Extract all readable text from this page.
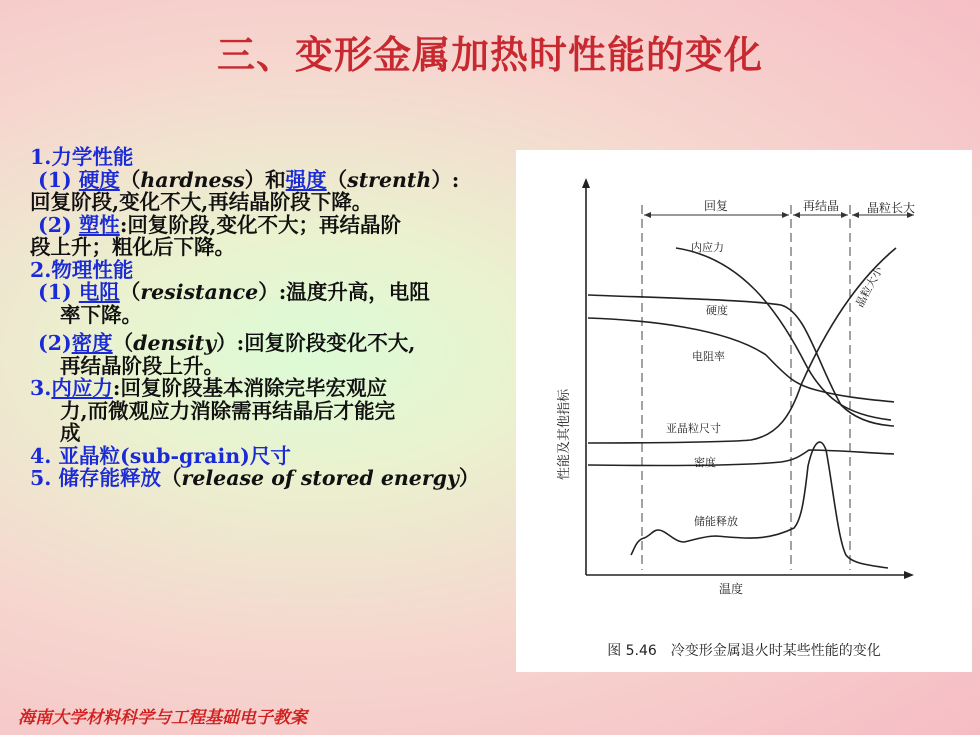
三、变形金属加热时性能的变化
1.力学性能
(1) 硬度（hardness）和强度（strenth）:
回复阶段,变化不大,再结晶阶段下降。
(2) 塑性:回复阶段,变化不大；再结晶阶
段上升；粗化后下降。
2.物理性能
(1) 电阻（resistance）:温度升高，电阻
率下降。
(2)密度（density）:回复阶段变化不大,
再结晶阶段上升。
3.内应力:回复阶段基本消除完毕宏观应
力,而微观应力消除需再结晶后才能完
成
4. 亚晶粒(sub-grain)尺寸
5. 储存能释放（release of stored energy）
回复	再结晶 晶粒长大
内应力
硬度
电阻率
亚晶粒尺寸
密度
储能释放
晶粒大小
性能及其他指标
温度
图 5.46　冷变形金属退火时某些性能的变化
海南大学材料科学与工程基础电子教案
